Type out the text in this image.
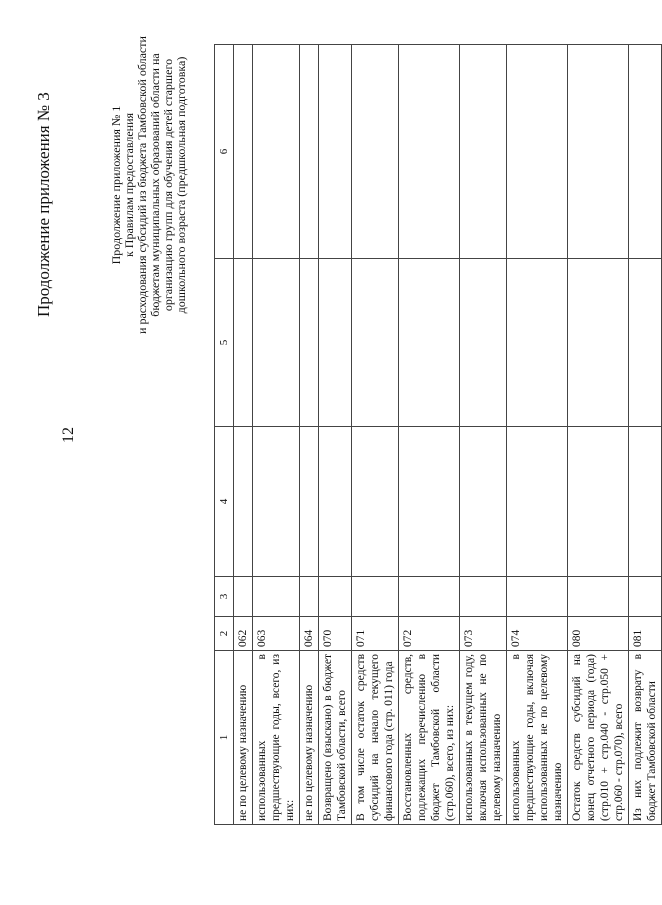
Продолжение приложения № 3
12
Продолжение приложения № 1 к Правилам предоставления и расходования субсидий из бюджета Тамбовской области бюджетам муниципальных образований области на организацию групп для обучения детей старшего дошкольного возраста (предшкольная подготовка)
1	2	3	4	5	6
не по целевому назначению	062				
использованных в предшествующие годы, всего, из них:	063				
не по целевому назначению	064				
Возвращено (взыскано) в бюджет Тамбовской области, всего	070				
В том числе остаток средств субсидий на начало текущего финансового года (стр. 011) года	071				
Восстановленных средств, подлежащих перечислению в бюджет Тамбовской области (стр.060), всего, из них:	072				
использованных в текущем году, включая использованных не по целевому назначению	073				
использованных в предшествующие годы, включая использованных не по целевому назначению	074				
Остаток средств субсидий на конец отчетного периода (года) (стр.010 + стр.040 - стр.050 + стр.060 - стр.070), всего	080				
Из них подлежит возврату в бюджет Тамбовской области	081				
